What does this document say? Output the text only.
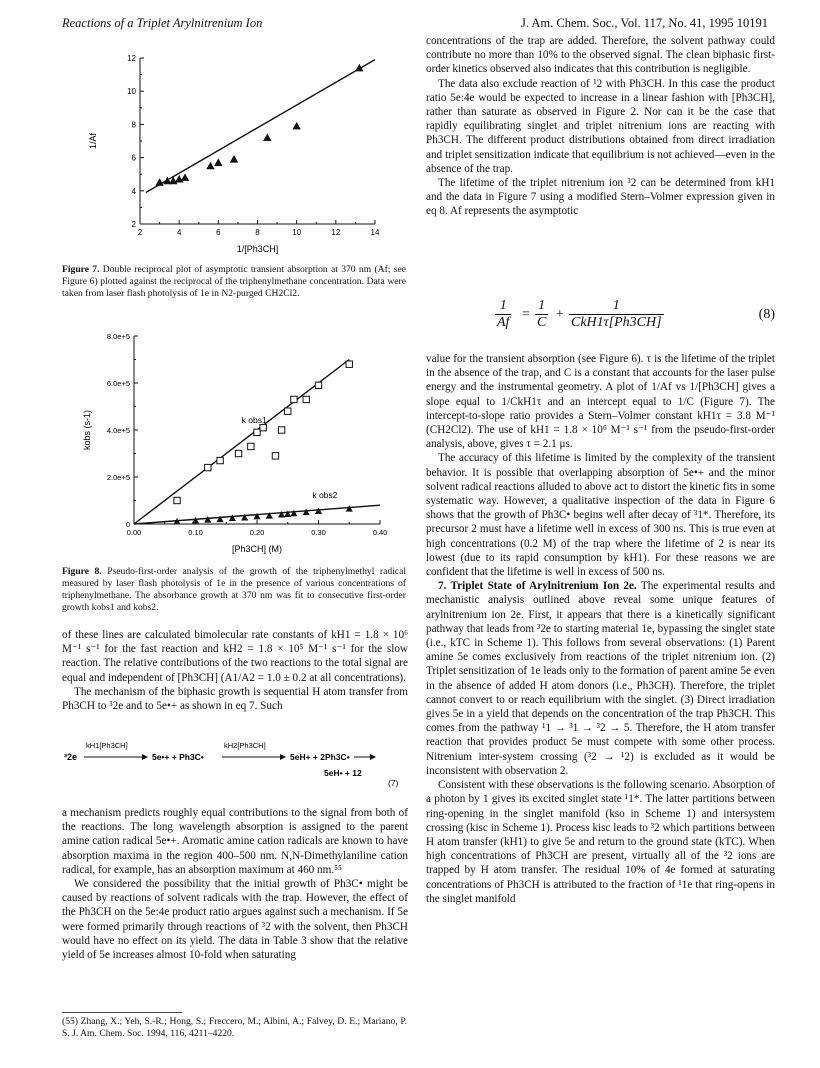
Reactions of a Triplet Arylnitrenium Ion	J. Am. Chem. Soc., Vol. 117, No. 41, 1995 10191
2	4	6	8	10	12	14
2
4
6
8
10
12
1/Af
1/[Ph3CH]
Figure 7. Double reciprocal plot of asymptotic transient absorption at 370 nm (Af; see Figure 6) plotted against the reciprocal of the triphenylmethane concentration. Data were taken from laser flash photolysis of 1e in N2-purged CH2Cl2.
0.00	0.10	0.20	0.30	0.40
0
2.0e+5
4.0e+5
6.0e+5
8.0e+5
k obs1
k obs2
kobs (s-1)
[Ph3CH] (M)
Figure 8. Pseudo-first-order analysis of the growth of the triphenylmethyl radical measured by laser flash photolysis of 1e in the presence of various concentrations of triphenylmethane. The absorbance growth at 370 nm was fit to consecutive first-order growth kobs1 and kobs2.

of these lines are calculated bimolecular rate constants of kH1 = 1.8 × 10⁶ M⁻¹ s⁻¹ for the fast reaction and kH2 = 1.8 × 10⁵ M⁻¹ s⁻¹ for the slow reaction. The relative contributions of the two reactions to the total signal are equal and independent of [Ph3CH] (A1/A2 = 1.0 ± 0.2 at all concentrations).

The mechanism of the biphasic growth is sequential H atom transfer from Ph3CH to ³2e and to 5e•+ as shown in eq 7. Such

³2e
kH1[Ph3CH]
5e•+ + Ph3C•
kH2[Ph3CH]
5eH+ + 2Ph3C•
5eH• + 12
(7)

a mechanism predicts roughly equal contributions to the signal from both of the reactions. The long wavelength absorption is assigned to the parent amine cation radical 5e•+. Aromatic amine cation radicals are known to have absorption maxima in the region 400–500 nm. N,N-Dimethylaniline cation radical, for example, has an absorption maximum at 460 nm.⁵⁵

We considered the possibility that the initial growth of Ph3C• might be caused by reactions of solvent radicals with the trap. However, the effect of the Ph3CH on the 5e:4e product ratio argues against such a mechanism. If 5e were formed primarily through reactions of ³2 with the solvent, then Ph3CH would have no effect on its yield. The data in Table 3 show that the relative yield of 5e increases almost 10-fold when saturating

(55) Zhang, X.; Yeh, S.-R.; Hong, S.; Freccero, M.; Albini, A.; Falvey, D. E.; Mariano, P. S. J. Am. Chem. Soc. 1994, 116, 4211–4220.

concentrations of the trap are added. Therefore, the solvent pathway could contribute no more than 10% to the observed signal. The clean biphasic first-order kinetics observed also indicates that this contribution is negligible.

The data also exclude reaction of ¹2 with Ph3CH. In this case the product ratio 5e:4e would be expected to increase in a linear fashion with [Ph3CH], rather than saturate as observed in Figure 2. Nor can it be the case that rapidly equilibrating singlet and triplet nitrenium ions are reacting with Ph3CH. The different product distributions obtained from direct irradiation and triplet sensitization indicate that equilibrium is not achieved—even in the absence of the trap.

The lifetime of the triplet nitrenium ion ³2 can be determined from kH1 and the data in Figure 7 using a modified Stern–Volmer expression given in eq 8. Af represents the asymptotic

$\frac{1}{Af} = \frac{1}{C}$ +
1
CkH1τ[Ph3CH]
(8)

value for the transient absorption (see Figure 6). τ is the lifetime of the triplet in the absence of the trap, and C is a constant that accounts for the laser pulse energy and the instrumental geometry. A plot of 1/Af vs 1/[Ph3CH] gives a slope equal to 1/CkH1τ and an intercept equal to 1/C (Figure 7). The intercept-to-slope ratio provides a Stern–Volmer constant kH1τ = 3.8 M⁻¹ (CH2Cl2). The use of kH1 = 1.8 × 10⁶ M⁻¹ s⁻¹ from the pseudo-first-order analysis, above, gives τ = 2.1 μs.

The accuracy of this lifetime is limited by the complexity of the transient behavior. It is possible that overlapping absorption of 5e•+ and the minor solvent radical reactions alluded to above act to distort the kinetic fits in some systematic way. However, a qualitative inspection of the data in Figure 6 shows that the growth of Ph3C• begins well after decay of ³1*. Therefore, its precursor 2 must have a lifetime well in excess of 300 ns. This is true even at high concentrations (0.2 M) of the trap where the lifetime of 2 is near its lowest (due to its rapid consumption by kH1). For these reasons we are confident that the lifetime is well in excess of 500 ns.

7. Triplet State of Arylnitrenium Ion 2e. The experimental results and mechanistic analysis outlined above reveal some unique features of arylnitrenium ion 2e. First, it appears that there is a kinetically significant pathway that leads from ³2e to starting material 1e, bypassing the singlet state (i.e., kTC in Scheme 1). This follows from several observations: (1) Parent amine 5e comes exclusively from reactions of the triplet nitrenium ion. (2) Triplet sensitization of 1e leads only to the formation of parent amine 5e even in the absence of added H atom donors (i.e., Ph3CH). Therefore, the triplet cannot convert to or reach equilibrium with the singlet. (3) Direct irradiation gives 5e in a yield that depends on the concentration of the trap Ph3CH. This comes from the pathway ¹1 → ³1 → ³2 → 5. Therefore, the H atom transfer reaction that provides product 5e must compete with some other process. Nitrenium inter-system crossing (³2 → ¹2) is excluded as it would be inconsistent with observation 2.

Consistent with these observations is the following scenario. Absorption of a photon by 1 gives its excited singlet state ¹1*. The latter partitions between ring-opening in the singlet manifold (kso in Scheme 1) and intersystem crossing (kisc in Scheme 1). Process kisc leads to ³2 which partitions between H atom transfer (kH1) to give 5e and return to the ground state (kTC). When high concentrations of Ph3CH are present, virtually all of the ³2 ions are trapped by H atom transfer. The residual 10% of 4e formed at saturating concentrations of Ph3CH is attributed to the fraction of ¹1e that ring-opens in the singlet manifold
